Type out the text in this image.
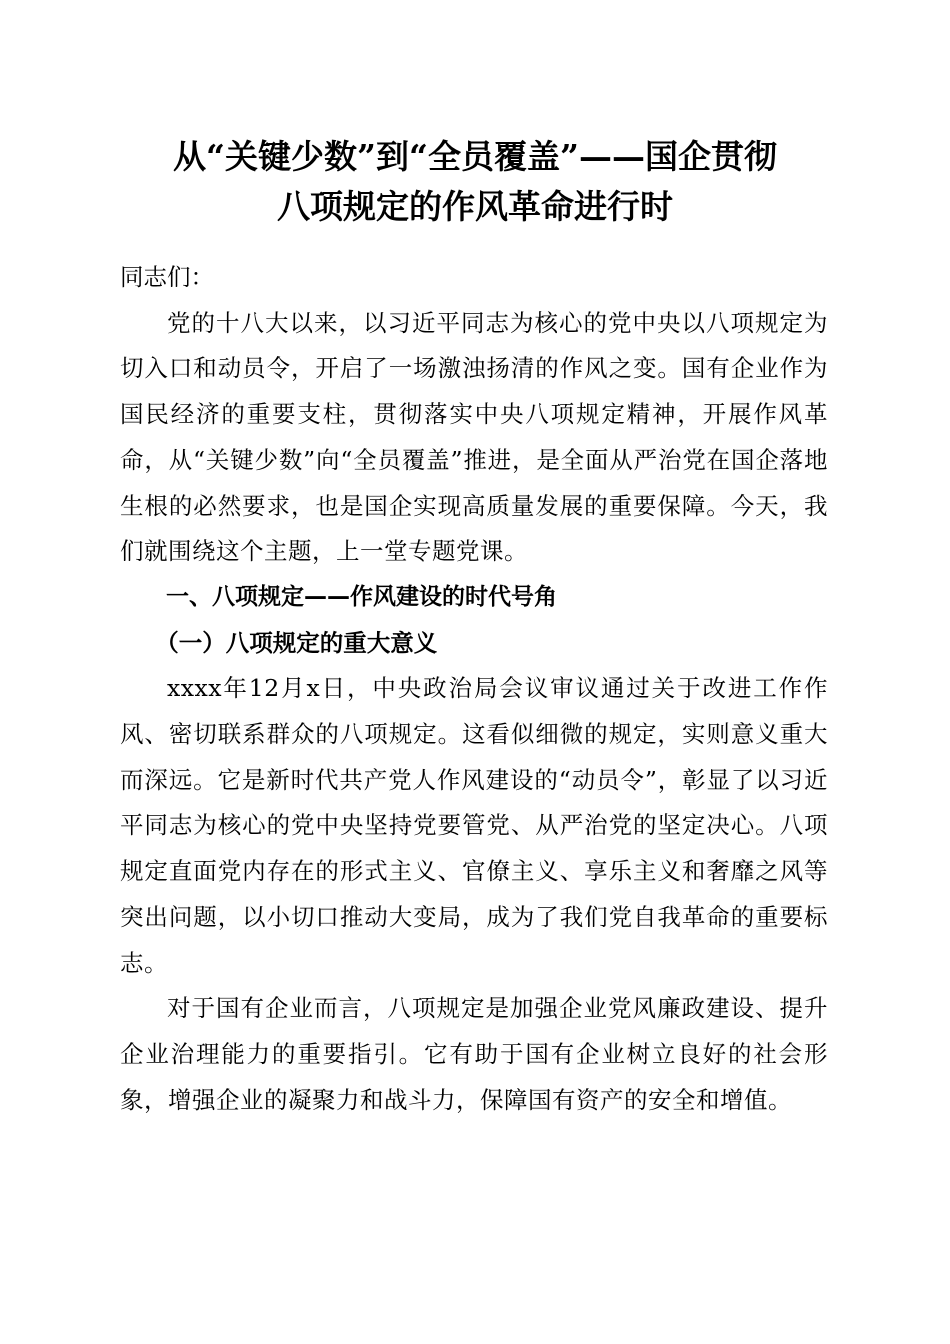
从“关键少数”到“全员覆盖”——国企贯彻
八项规定的作风革命进行时

同志们：

党的十八大以来，以习近平同志为核心的党中央以八项规定为切入口和动员令，开启了一场激浊扬清的作风之变。国有企业作为国民经济的重要支柱，贯彻落实中央八项规定精神，开展作风革命，从“关键少数”向“全员覆盖”推进，是全面从严治党在国企落地生根的必然要求，也是国企实现高质量发展的重要保障。今天，我们就围绕这个主题，上一堂专题党课。

一、八项规定——作风建设的时代号角

（一）八项规定的重大意义

xxxx年12月x日，中央政治局会议审议通过关于改进工作作风、密切联系群众的八项规定。这看似细微的规定，实则意义重大而深远。它是新时代共产党人作风建设的“动员令”，彰显了以习近平同志为核心的党中央坚持党要管党、从严治党的坚定决心。八项规定直面党内存在的形式主义、官僚主义、享乐主义和奢靡之风等突出问题，以小切口推动大变局，成为了我们党自我革命的重要标志。

对于国有企业而言，八项规定是加强企业党风廉政建设、提升企业治理能力的重要指引。它有助于国有企业树立良好的社会形象，增强企业的凝聚力和战斗力，保障国有资产的安全和增值。
